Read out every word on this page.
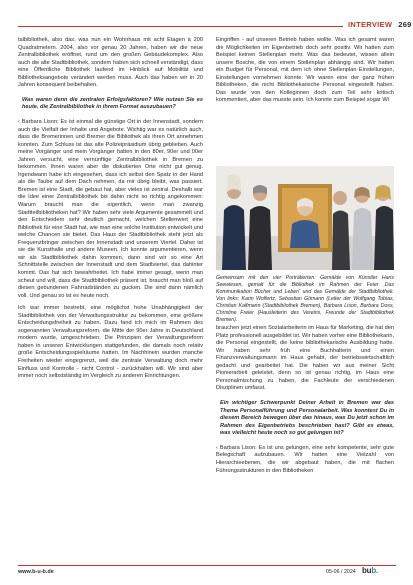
INTERVIEW 269

talbibliothek, also das, was nun ein Wohnhaus mit acht Etagen à 200 Quadratmetern. 2004, also vor genau 20 Jahren, haben wir die neue Zentralbibliothek eröffnet, rund um den großen Gebäudekomplex. Also auch die alte Stadtbibliothek, sondern haben sich schnell verständigt, dass eine Öffentliche Bibliothek laufend im Hinblick auf Mobilität und Bibliotheksangebote verändert werden muss. Auch das haben wir in 20 Jahren konsequent beibehalten.

Was waren denn die zentralen Erfolgsfaktoren? Wie nutzen Sie es heute, die Zentralbibliothek in ihrem Format auszubauen?

‹ Barbara Lison: Es ist einmal die günstige Ort in der Innenstadt, sondern auch die Vielfalt der Inhalte und Angebote. Wichtig war es natürlich auch, dass die Bremerinnen und Bremer die Bibliothek als ihren Ort annehmen konnten. Zum Schluss ist das alte Polizeipräsidium übrig geblieben. Auch meine Vorgänger und mein Vorgänger hatten in den 80er, 90er und 00er Jahren versucht, eine vernünftige Zentralbibliothek in Bremen zu bekommen. Ihnen waren aber die diskutierten Orte nicht gut genug. Irgendwann habe ich eingesehen, dass ich selbst den Spatz in der Hand als die Taube auf dem Dach nehmen, da mir übrig bleibt, was passiert. Bremen ist eine Stadt, die gebaut hat, aber vieles ist zentral. Deshalb war die Idee einer Zentralbibliothek bis dahin nicht so richtig angekommen: Warum braucht man die eigentlich, wenn man zwanzig Stadtteilbibliotheken hat? Wir haben sehr viele Argumente gesammelt und den Entscheidern sehr deutlich gemacht, welchen Stellenwert eine Bibliothek für eine Stadt hat, wie man eine solche Institution entwickelt und welche Chancen sie bietet. Das Haus der Stadtbibliothek steht jetzt als Frequenzbringer zwischen der Innenstadt und unserem Viertel. Daher ist sie die Kunsthalle und andere Museen. Ich konnte argumentieren, wenn wir als Stadtbibliothek dahin kommen, dann sind wir so eine Art Schnittstelle zwischen der Innenstadt und dem Stadtviertel, das dahinter kommt. Das hat sich bewahrheitet. Ich habe immer gesagt, wenn man scheut und will, dass die Stadtbibliothek präsent ist, braucht man bloß auf diesen gebundenen Fahrradständen zu gucken. Die sind dann nämlich voll. Und genau so ist es heute noch.

Ich war immer bestrebt, eine möglichst hohe Unabhängigkeit der Stadtbibliothek von der Verwaltungsstruktur zu bekommen, eine größere Entscheidungsfreiheit zu haben. Dazu fand ich mich im Rahmen des sogenannten Verwaltungsreform, die Mitte der 90er Jahre in Deutschland modern wurde, umgeschrieben. Die Prinzipien der Verwaltungsreform haben in unseren Entwicklungen stattgefunden, die damals noch relativ große Entscheidungsspielräume hatten. Im Nachhinein wurden manche Freiheiten wieder eingegrenzt, weil die zentrale Verwaltung doch mehr Einfluss und Kontrolle - nicht Control - zurückhalten will. Wir sind aber immer noch selbstständig im Vergleich zu anderen Einrichtungen.

Eingriffen - auf unseren Betrieb haben wollte. Was ich gesamt waren die Möglichkeiten im Eigenbetrieb doch sehr positiv. Wir hatten zum Beispiel keinen Stellenplan mehr. Was das bedeutet, wissen allein unsere Bosche, die von einem Stellenplan abhängig sind. Wir hatten ein Budget für Personal, mit dem ich ohne Stellenplan Einstellungen, Einstellungen vornehmen konnte. Wir waren eine der ganz frühen Bibliotheken, die nicht Bibliothekarische Personal eingestellt haben. Das wurde von den Kolleginnen doch zum Teil sehr kritisch kommentiert, aber das musste sein. Ich konnte zum Beispiel sogar Wi

Gemeinsam mit den vier Porträtierten: Gemälde von Künstler Hans Seewiesen, gemalt für die Bibliothek im Rahmen der Feier ‚Das Kommunikation Bücher und Leben' und das Gemälde der Stadtbibliothek. Von links: Karin Wolfertz, Sebastian Gömann (Leiter der Wolfgang Tobias, Christian Kalfmann (Stadtbibliothek Bremen), Barbara Lison, Barbara Doss, Christine Freier (Hausleiterin des Vereins, Freunde der Stadtbibliothek Bremen).

brauchen jetzt einen Sozialarbeiterin im Haus für Marketing, die hat den Platz professionell ausgebildet ist. Wir haben vorher eine Bibliothekarin, die Personal eingestellt, die keine bibliothekarische Ausbildung hatte. Wir haben sehr früh eine Buchhalterin und einen Finanzverwaltungsmann im Haus gehabt, der betriebswirtschaftlich gedacht und gearbeitet hat. Die haben wir aus meiner Sicht Pionierarbeit geleistet, denn so ist genau richtig, im Haus eine Personalmischung zu haben, die Fachleute der verschiedenen Disziplinen umfasst.

Ein wichtiger Schwerpunkt Deiner Arbeit in Bremen war das Thema Personalführung und Personalarbeit. Was konntest Du in diesem Bereich bewegen über das hinaus, was Du jetzt schon im Rahmen des Eigenbetriebs beschrieben hast? Gibt es etwas, was vielleicht heute noch so gut gelungen ist?

‹ Barbara Lison: Es ist uns gelungen, eine sehr kompetente, sehr gute Belegschaft aufzubauen. Wir hatten eine Vielzahl von Hierarchieebenen, die wir abgebaut haben, die mit flachen Führungsstrukturen in den Bibliotheken

www.b-u-b.de	05-06 / 2024 bub.
